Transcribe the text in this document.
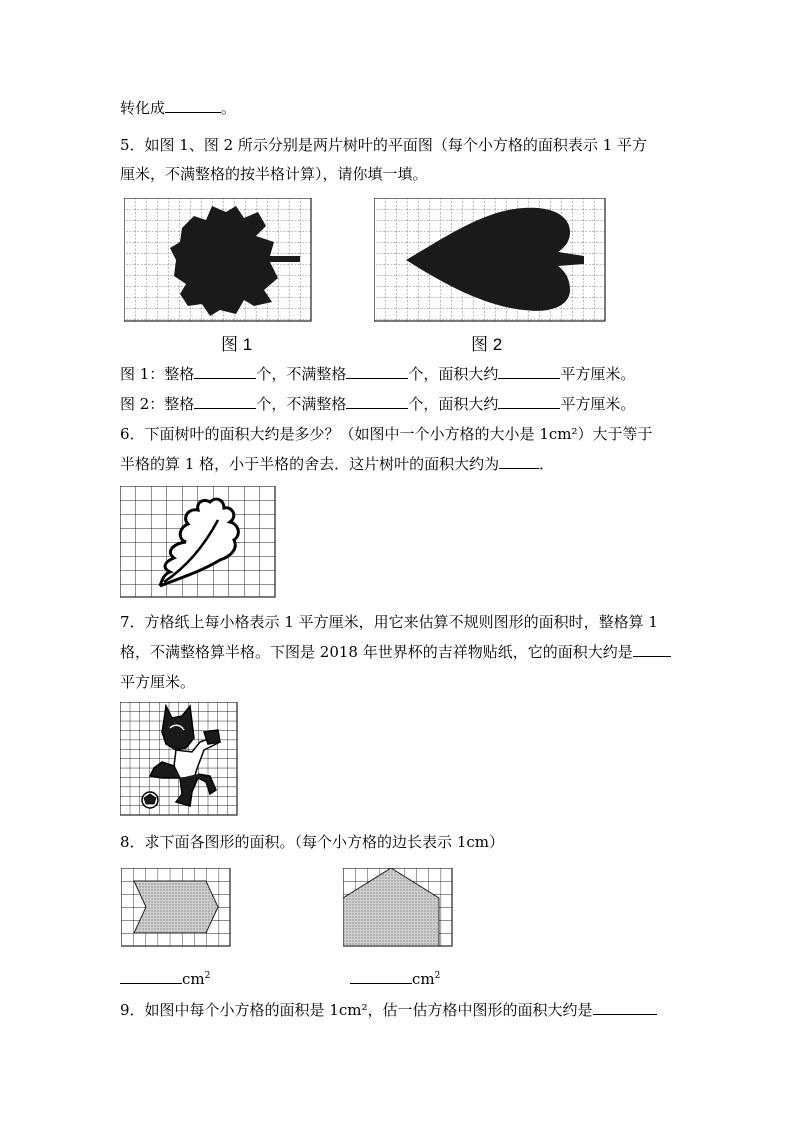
转化成	。
5．如图 1、图 2 所示分别是两片树叶的平面图（每个小方格的面积表示 1 平方
厘米，不满整格的按半格计算），请你填一填。
图 1	图 2
图 1：整格	个，不满整格	个，面积大约	平方厘米。
图 2：整格	个，不满整格	个，面积大约	平方厘米。
6．下面树叶的面积大约是多少？（如图中一个小方格的大小是 1cm²）大于等于
半格的算 1 格，小于半格的舍去．这片树叶的面积大约为	．
7．方格纸上每小格表示 1 平方厘米，用它来估算不规则图形的面积时，整格算 1
格，不满整格算半格。下图是 2018 年世界杯的吉祥物贴纸，它的面积大约是
平方厘米。
8．求下面各图形的面积。（每个小方格的边长表示 1cm）
$cm^2$	$cm^2$
9．如图中每个小方格的面积是 1cm²，估一估方格中图形的面积大约是
